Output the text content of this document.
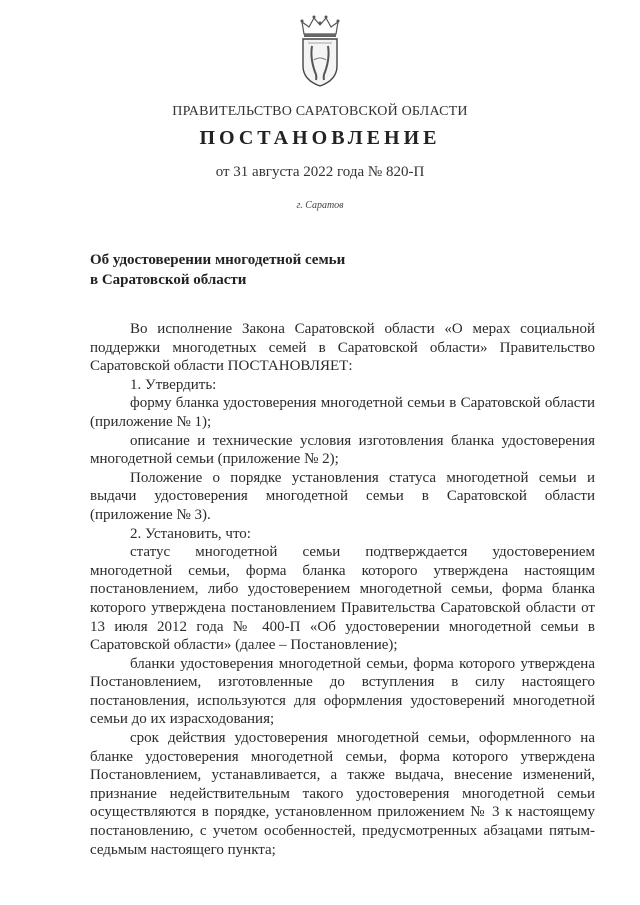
ПРАВИТЕЛЬСТВО САРАТОВСКОЙ ОБЛАСТИ
ПОСТАНОВЛЕНИЕ
от 31 августа 2022 года № 820-П
г. Саратов
Об удостоверении многодетной семьи
в Саратовской области

Во исполнение Закона Саратовской области «О мерах социальной поддержки многодетных семей в Саратовской области» Правительство Саратовской области ПОСТАНОВЛЯЕТ:

1. Утвердить:

форму бланка удостоверения многодетной семьи в Саратовской области (приложение № 1);

описание и технические условия изготовления бланка удостоверения многодетной семьи (приложение № 2);

Положение о порядке установления статуса многодетной семьи и выдачи удостоверения многодетной семьи в Саратовской области (приложение № 3).

2. Установить, что:

статус многодетной семьи подтверждается удостоверением многодетной семьи, форма бланка которого утверждена настоящим постановлением, либо удостоверением многодетной семьи, форма бланка которого утверждена постановлением Правительства Саратовской области от 13 июля 2012 года № 400-П «Об удостоверении многодетной семьи в Саратовской области» (далее – Постановление);

бланки удостоверения многодетной семьи, форма которого утверждена Постановлением, изготовленные до вступления в силу настоящего постановления, используются для оформления удостоверений многодетной семьи до их израсходования;

срок действия удостоверения многодетной семьи, оформленного на бланке удостоверения многодетной семьи, форма которого утверждена Постановлением, устанавливается, а также выдача, внесение изменений, признание недействительным такого удостоверения многодетной семьи осуществляются в порядке, установленном приложением № 3 к настоящему постановлению, с учетом особенностей, предусмотренных абзацами пятым-седьмым настоящего пункта;
